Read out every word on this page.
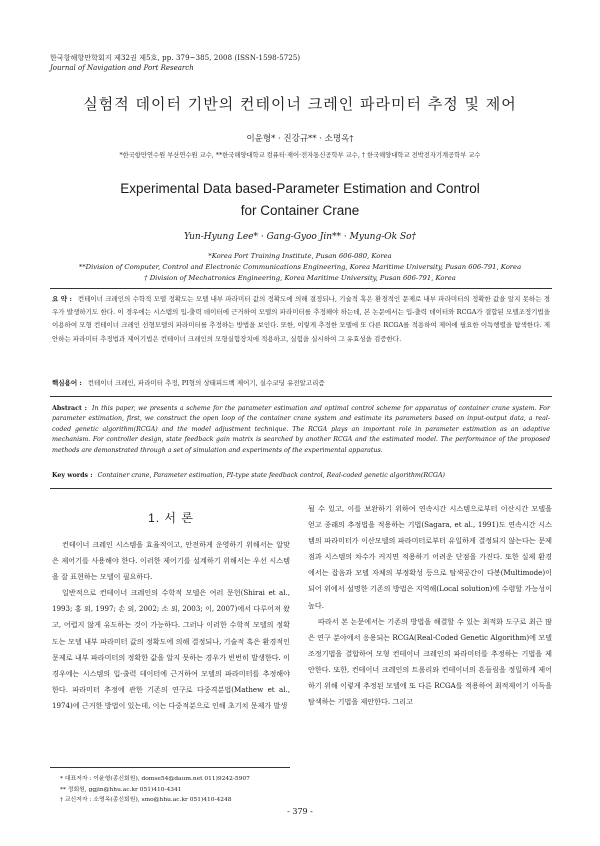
한국항해항만학회지 제32권 제5호, pp. 379~385, 2008 (ISSN-1598-5725)
Journal of Navigation and Port Research
실험적 데이터 기반의 컨테이너 크레인 파라미터 추정 및 제어
이윤형* · 진강규** · 소명옥†
*한국항만연수원 부산연수원 교수, **한국해양대학교 컴퓨터·제어·전자통신공학부 교수, † 한국해양대학교 전박전자기계공학부 교수
Experimental Data based-Parameter Estimation and Control
for Container Crane
Yun-Hyung Lee* · Gang-Gyoo Jin** · Myung-Ok So†
*Korea Port Training Institute, Pusan 606-080, Korea
**Division of Computer, Control and Electronic Communications Engineering, Korea Maritime University, Pusan 606-791, Korea
† Division of Mechatronics Engineering, Korea Maritime University, Pusan 606-791, Korea
요 약 : 컨테이너 크레인의 수학적 모델 정확도는 모델 내부 파라미터 값의 정확도에 의해 결정되나, 기술적 혹은 환경적인 문제로 내부 파라미터의 정확한 값을 알지 못하는 경우가 발생하기도 한다. 이 경우에는 시스템의 입-출력 데이터에 근거하여 모델의 파라미터를 추정해야 하는데, 본 논문에서는 입-출력 데이터와 RCGA가 결합된 모델조정기법을 이용하여 모형 컨테이너 크레인 선형모델의 파라미터를 추정하는 방법을 보인다. 또한, 이렇게 추정한 모델에 또 다른 RCGA를 적용하여 제어에 필요한 이득행렬을 탐색한다. 제안하는 파라미터 추정법과 제어기법은 컨테이너 크레인의 모형실험장치에 적용하고, 실험을 실시하여 그 유효성을 검증한다.
핵심용어 : 컨테이너 크레인, 파라미터 추정, PI형의 상태피드백 제어기, 실수코딩 유전알고리즘
Abstract : In this paper, we presents a scheme for the parameter estimation and optimal control scheme for apparatus of container crane system. For parameter estimation, first, we construct the open loop of the container crane system and estimate its parameters based on input-output data, a real-coded genetic algorithm(RCGA) and the model adjustment technique. The RCGA plays an important role in parameter estimation as an adaptive mechanism. For controller design, state feedback gain matrix is searched by another RCGA and the estimated model. The performance of the proposed methods are demonstrated through a set of simulation and experiments of the experimental apparatus.
Key words : Container crane, Parameter estimation, PI-type state feedback control, Real-coded genetic algorithm(RCGA)
1. 서 론

컨테이너 크레인 시스템을 효율적이고, 안전하게 운영하기 위해서는 알맞은 제어기를 사용해야 한다. 이러한 제어기를 설계하기 위해서는 우선 시스템을 잘 표현하는 모델이 필요하다.

일반적으로 컨테이너 크레인의 수학적 모델은 여러 문헌(Shirai et al., 1993; 홍 외, 1997; 손 외, 2002; 소 외, 2003; 이, 2007)에서 다루어져 왔고, 어렵지 않게 유도하는 것이 가능하다. 그러나 이러한 수학적 모델의 정확도는 모델 내부 파라미터 값의 정확도에 의해 결정되나, 기술적 혹은 환경적인 문제로 내부 파라미터의 정확한 값을 알지 못하는 경우가 빈번히 발생한다. 이 경우에는 시스템의 입-출력 데이터에 근거하여 모델의 파라미터를 추정해야 한다. 파라미터 추정에 관한 기존의 연구로 다중격분법(Mathew et al., 1974)에 근거한 방법이 있는데, 이는 다중적분으로 인해 초기치 문제가 발생

될 수 있고, 이를 보완하기 위하여 연속시간 시스템으로부터 이산시간 모델을 얻고 종래의 추정법을 적용하는 기법(Sagara, et al., 1991)도 연속시간 시스템의 파라미터가 이산모델의 파라미터로부터 유일하게 결정되지 않는다는 문제점과 시스템의 차수가 커지면 적용하기 어려운 단점을 가진다. 또한 실제 환경에서는 잡음과 모델 자체의 부정확성 등으로 탐색공간이 다봉(Multimode)이 되어 위에서 설명한 기존의 방법은 지역해(Local solution)에 수렴할 가능성이 높다.

따라서 본 논문에서는 기존의 방법을 해결할 수 있는 최적화 도구로 최근 많은 연구 분야에서 응용되는 RCGA(Real-Coded Genetic Algorithm)에 모델조정기법을 결합하여 모형 컨테이너 크레인의 파라미터를 추정하는 기법을 제안한다. 또한, 컨테이너 크레인의 트롤리와 컨테이너의 흔들림을 정밀하게 제어하기 위해 이렇게 추정된 모델에 또 다른 RCGA를 적용하여 최적제어기 이득을 탐색하는 기법을 제안한다. 그리고

* 대표저자 : 이윤형(종신회원), domse54@daum.net 011)9242-5907
** 정회원, ggjin@hhu.ac.kr 051)410-4341
† 교신저자 : 소명옥(종신회원), smo@hhu.ac.kr 051)410-4248
- 379 -
